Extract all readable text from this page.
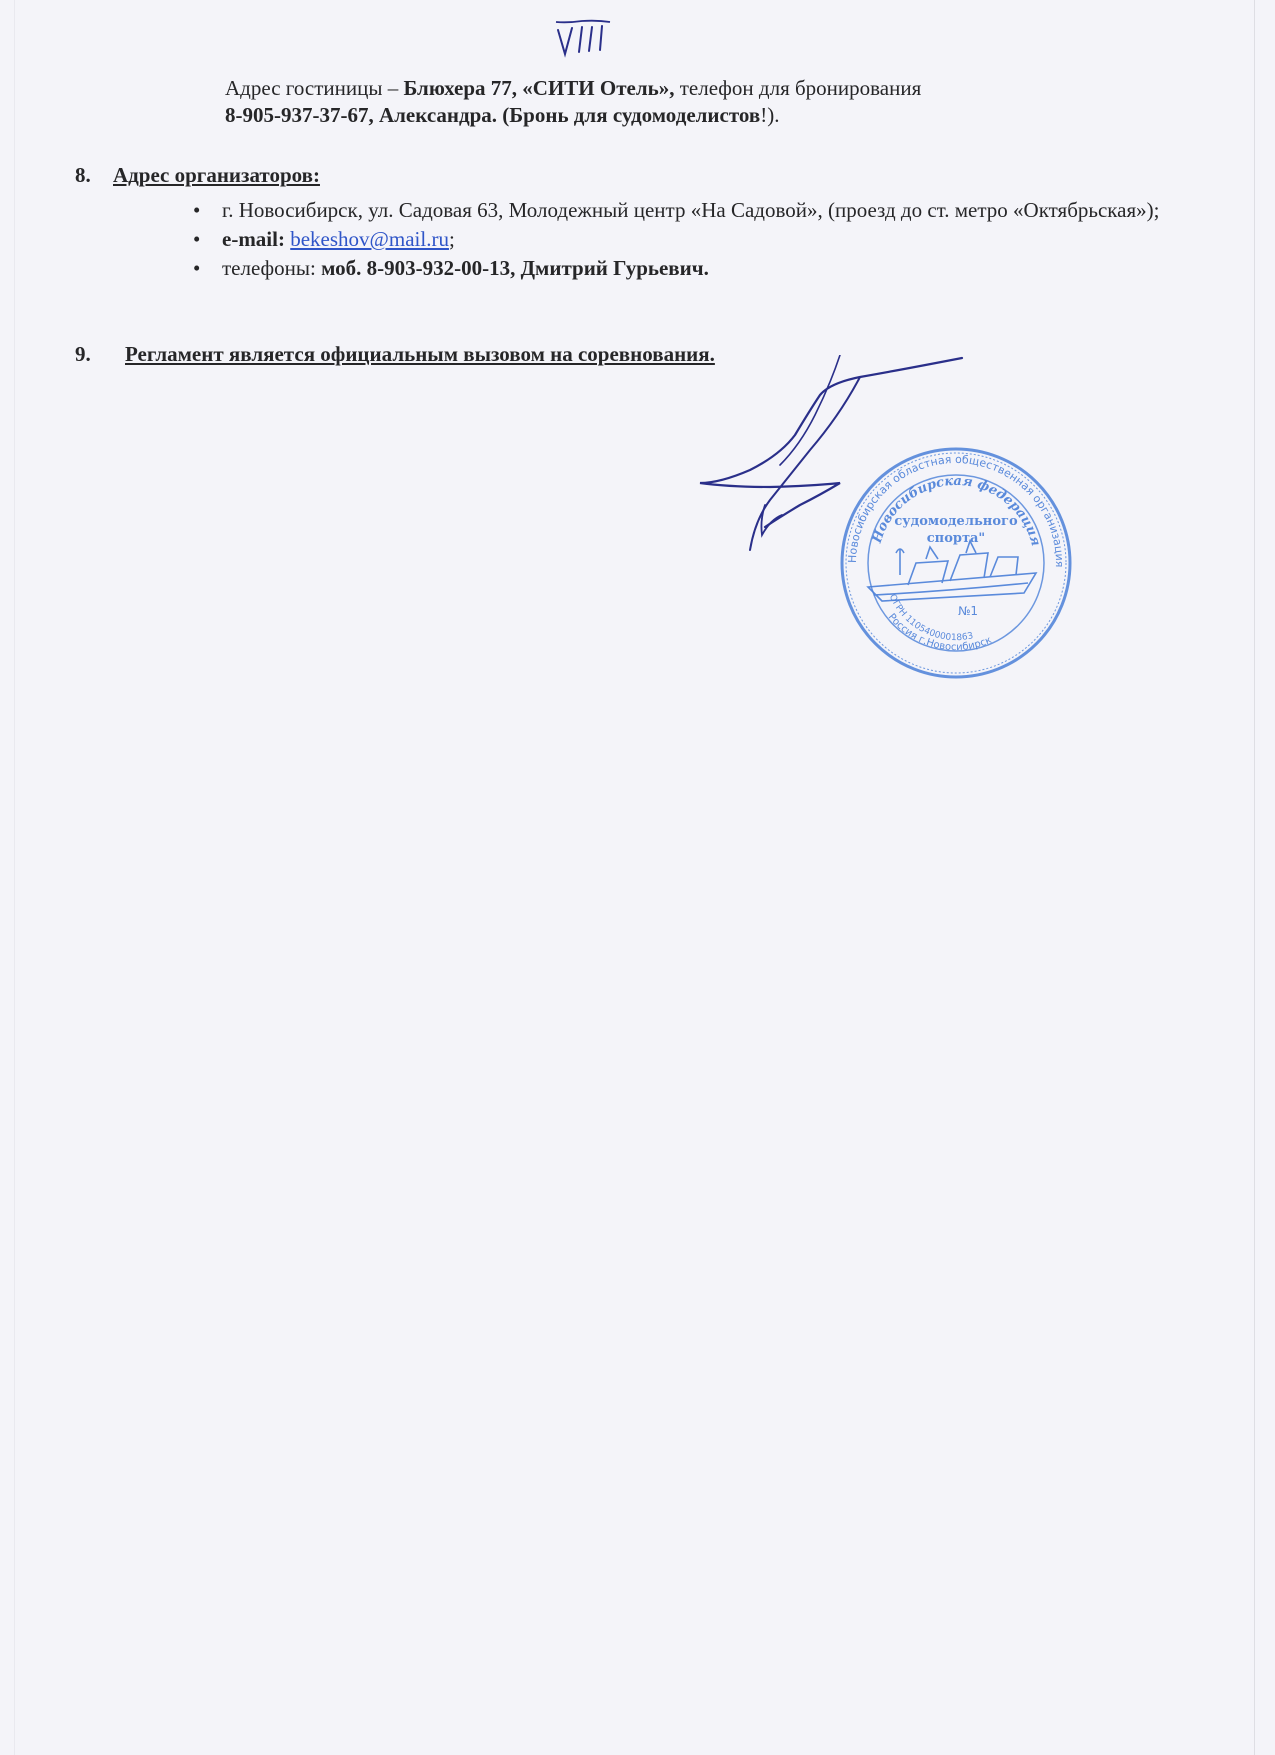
Адрес гостиницы – Блюхера 77, «СИТИ Отель», телефон для бронирования
8-905-937-37-67, Александра. (Бронь для судомоделистов!).
8. Адрес организаторов:
• г. Новосибирск, ул. Садовая 63, Молодежный центр «На Садовой», (проезд до ст. метро «Октябрьская»);
• e-mail: bekeshov@mail.ru;
• телефоны: моб. 8-903-932-00-13, Дмитрий Гурьевич.
9. Регламент является официальным вызовом на соревнования.
Новосибирская областная общественная организация
Новосибирская федерация
судомодельного
спорта"
№1
ОГРН 1105400001863
Россия г.Новосибирск
